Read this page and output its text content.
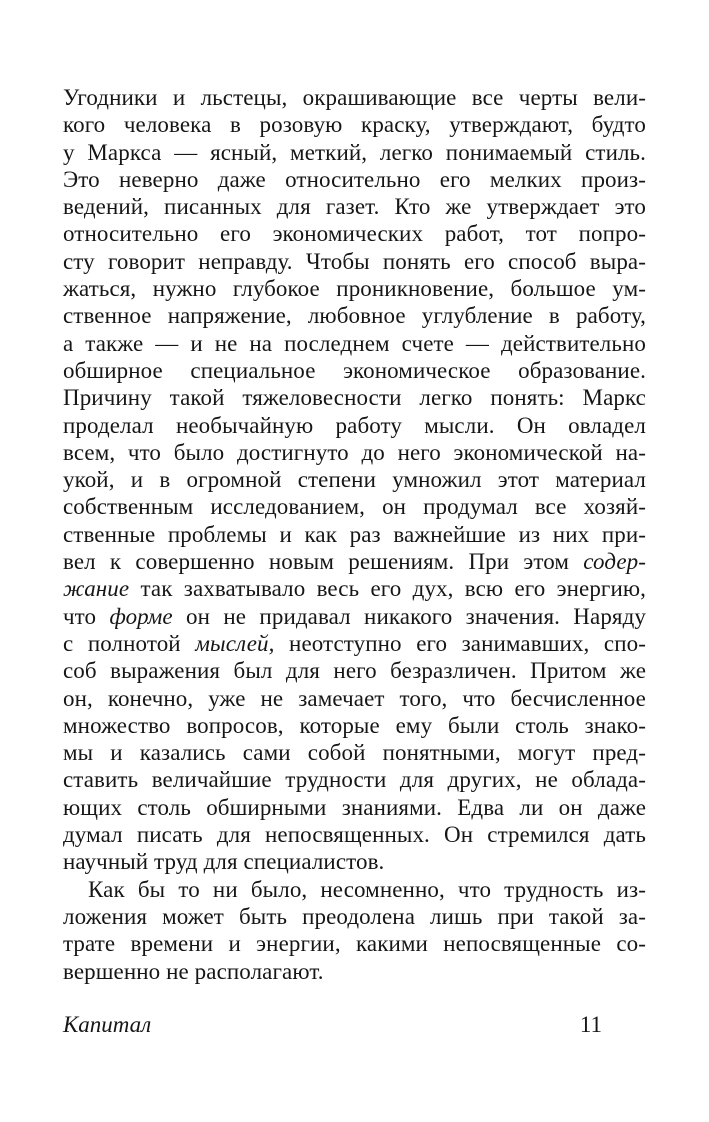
Угодники и льстецы, окрашивающие все черты вели-
кого человека в розовую краску, утверждают, будто
у Маркса — ясный, меткий, легко понимаемый стиль.
Это неверно даже относительно его мелких произ-
ведений, писанных для газет. Кто же утверждает это
относительно его экономических работ, тот попро-
сту говорит неправду. Чтобы понять его способ выра-
жаться, нужно глубокое проникновение, большое ум-
ственное напряжение, любовное углубление в работу,
а также — и не на последнем счете — действительно
обширное специальное экономическое образование.
Причину такой тяжеловесности легко понять: Маркс
проделал необычайную работу мысли. Он овладел
всем, что было достигнуто до него экономической на-
укой, и в огромной степени умножил этот материал
собственным исследованием, он продумал все хозяй-
ственные проблемы и как раз важнейшие из них при-
вел к совершенно новым решениям. При этом содер-
жание так захватывало весь его дух, всю его энергию,
что форме он не придавал никакого значения. Наряду
с полнотой мыслей, неотступно его занимавших, спо-
соб выражения был для него безразличен. Притом же
он, конечно, уже не замечает того, что бесчисленное
множество вопросов, которые ему были столь знако-
мы и казались сами собой понятными, могут пред-
ставить величайшие трудности для других, не облада-
ющих столь обширными знаниями. Едва ли он даже
думал писать для непосвященных. Он стремился дать
научный труд для специалистов.
Как бы то ни было, несомненно, что трудность из-
ложения может быть преодолена лишь при такой за-
трате времени и энергии, какими непосвященные со-
вершенно не располагают.
Капитал	11
